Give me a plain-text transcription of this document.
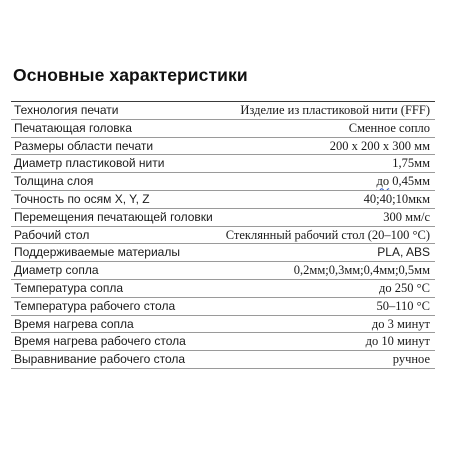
Основные характеристики
Технология печати	Изделие из пластиковой нити (FFF)
Печатающая головка	Сменное сопло
Размеры области печати	200 х 200 х 300 мм
Диаметр пластиковой нити	1,75мм
Толщина слоя	до 0,45мм
Точность по осям X, Y, Z	40;40;10мкм
Перемещения печатающей головки	300 мм/с
Рабочий стол	Стеклянный рабочий стол (20–100 °C)
Поддерживаемые материалы	PLA, ABS
Диаметр сопла	0,2мм;0,3мм;0,4мм;0,5мм
Температура сопла	до 250 °C
Температура рабочего стола	50–110 °C
Время нагрева сопла	до 3 минут
Время нагрева рабочего стола	до 10 минут
Выравнивание рабочего стола	ручное
